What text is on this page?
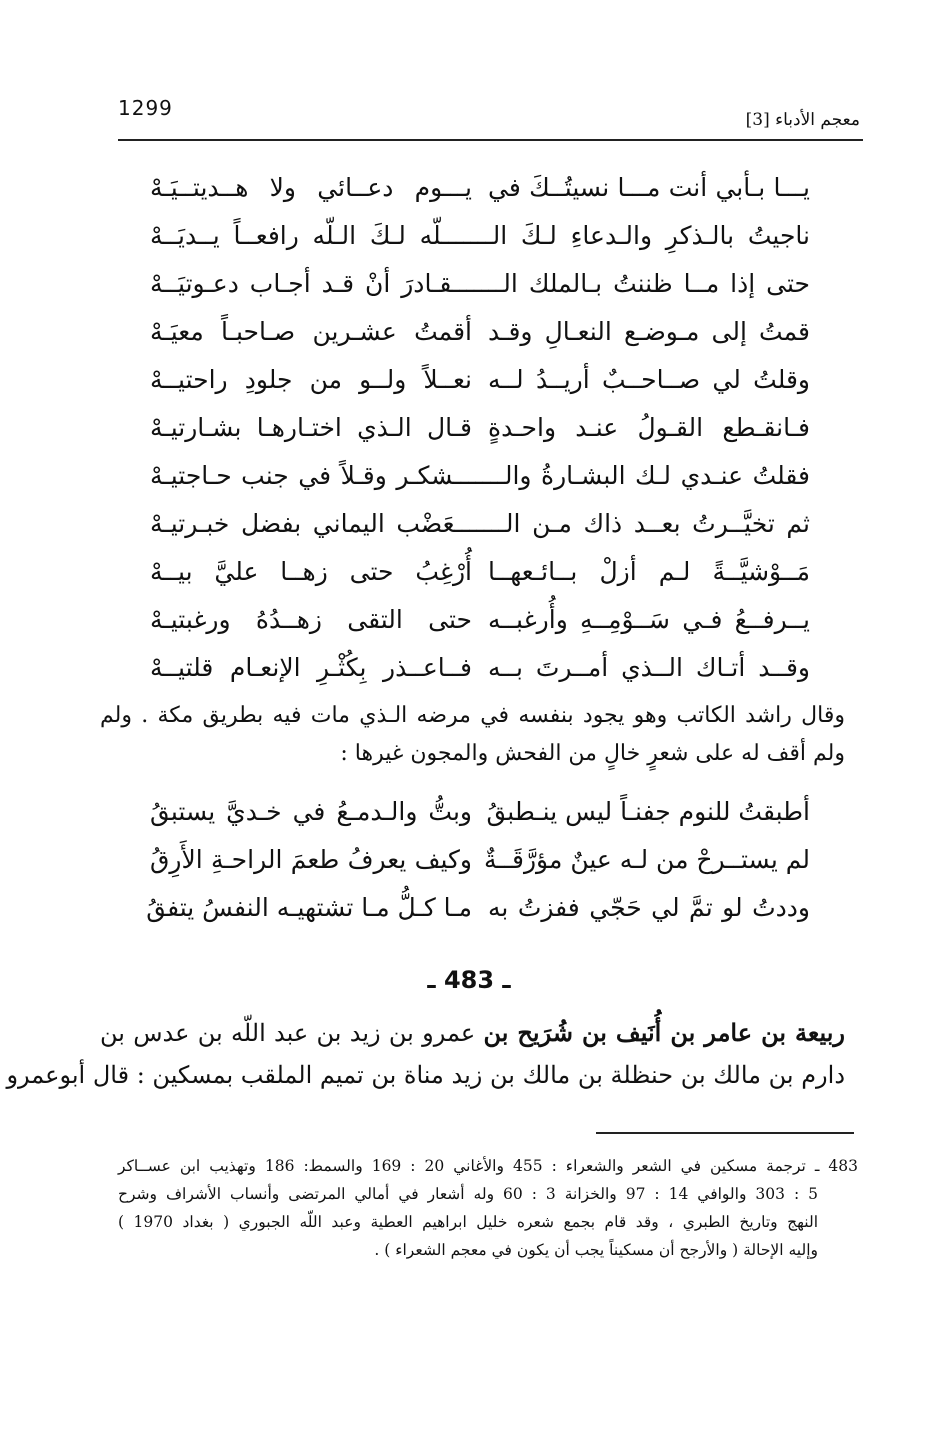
1299	معجم الأدباء [3]
يـــا بـأبي أنت مـــا نسيتُــكَ في
يـــوم دعــائي ولا هــديتــيَـهْ
ناجيتُ بالـذكرِ والـدعاءِ لـكَ الـــــــلّه لـكَ الـلّه رافعــاً يــديَــهْ
حتى إذا مــا ظننتُ بـالملك الـــــــقـادرَ أنْ قـد أجـاب دعـوتيَــهْ
قمتُ إلى مـوضـع النعـالِ وقـد
أقمتُ عشـرين صـاحبـاً معيَـهْ
وقلتُ لي صــاحــبٌ أريــدُ لــه
نعــلاً ولــو من جلودِ راحتيــهْ
فـانقـطع القـولُ عنـد واحـدةٍ
قـال الـذي اختـارهـا بشـارتيـهْ
فقلتُ عنـدي لـك البشـارةُ والـــــــشكـر وقـلاً في جنب حـاجتيـهْ
ثم تخيَّــرتُ بعــد ذاك مـن الـــــــعَضْب اليماني بفضل خبـرتيـهْ
مَــوْشيَّــةً لـم أزلْ بــائـعهــا
أُرْغِبُ حتى زهــا عليَّ بيــهْ
يــرفــعُ فـي سَــوْمِــهِ وأُرغبــه
حتى التقى زهــدُهُ ورغبتيـهْ
وقــد أتـاك الــذي أمــرتَ بــه
فــاعــذر بِكُثْـرِ الإنعـام قلتيــهْ
وقال راشد الكاتب وهو يجود بنفسه في مرضه الـذي مات فيه بطريق مكة . ولم
ولم أقف له على شعرٍ خالٍ من الفحش والمجون غيرها :
أطبقتُ للنوم جفنـاً ليس ينـطبقُ
وبتُّ والـدمـعُ في خـديَّ يستبقُ
لم يستــرحْ من لـه عينٌ مؤرَّقَــةٌ
وكيف يعرفُ طعمَ الراحـةِ الأَرِقُ
وددتُ لو تمَّ لي حَجّي ففزتُ به
مـا كـلُّ مـا تشتهيـه النفسُ يتفقُ
ـ 483 ـ
ربيعة بن عامر بن أُنَيف بن شُرَيح بن عمرو بن زيد بن عبد اللّه بن عدس بن
دارم بن مالك بن حنظلة بن مالك بن زيد مناة بن تميم الملقب بمسكين : قال أبوعمرو
483 ـ ترجمة مسكين في الشعر والشعراء : 455 والأغاني 20 : 169 والسمط: 186 وتهذيب ابن عســاكر
5 : 303 والوافي 14 : 97 والخزانة 3 : 60 وله أشعار في أمالي المرتضى وأنساب الأشراف وشرح
النهج وتاريخ الطبري ، وقد قام بجمع شعره خليل ابراهيم العطية وعبد اللّه الجبوري ( بغداد 1970 )
وإليه الإحالة ( والأرجح أن مسكيناً يجب أن يكون في معجم الشعراء ) .
